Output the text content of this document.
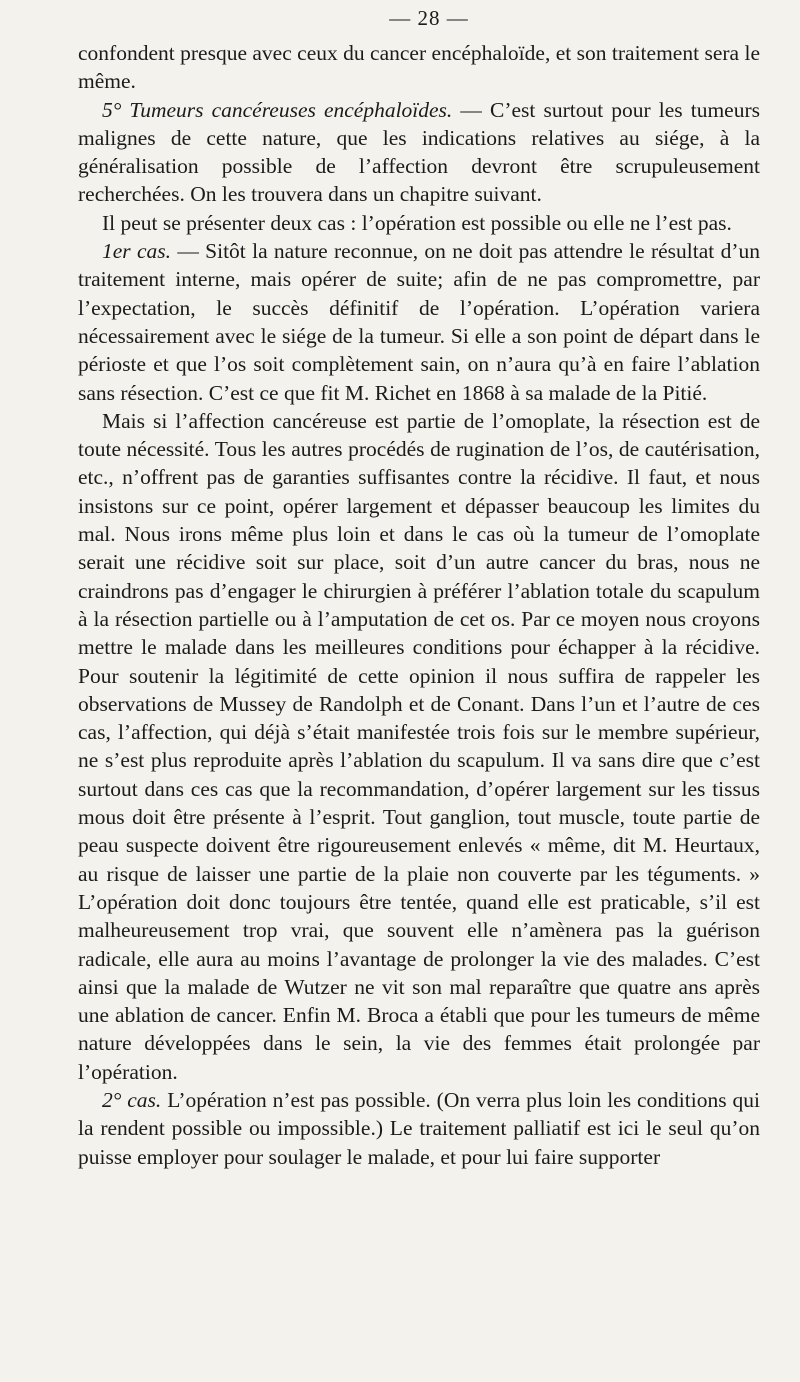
— 28 —

confondent presque avec ceux du cancer encéphaloïde, et son traitement sera le même.

5° Tumeurs cancéreuses encéphaloïdes. — C’est surtout pour les tumeurs malignes de cette nature, que les indications relatives au siége, à la généralisation possible de l’affection devront être scrupuleusement recherchées. On les trouvera dans un chapitre suivant.

Il peut se présenter deux cas : l’opération est possible ou elle ne l’est pas.

1er cas. — Sitôt la nature reconnue, on ne doit pas attendre le résultat d’un traitement interne, mais opérer de suite; afin de ne pas compromettre, par l’expectation, le succès définitif de l’opération. L’opération variera nécessairement avec le siége de la tumeur. Si elle a son point de départ dans le périoste et que l’os soit complètement sain, on n’aura qu’à en faire l’ablation sans résection. C’est ce que fit M. Richet en 1868 à sa malade de la Pitié.

Mais si l’affection cancéreuse est partie de l’omoplate, la résection est de toute nécessité. Tous les autres procédés de rugination de l’os, de cautérisation, etc., n’offrent pas de garanties suffisantes contre la récidive. Il faut, et nous insistons sur ce point, opérer largement et dépasser beaucoup les limites du mal. Nous irons même plus loin et dans le cas où la tumeur de l’omoplate serait une récidive soit sur place, soit d’un autre cancer du bras, nous ne craindrons pas d’engager le chirurgien à préférer l’ablation totale du scapulum à la résection partielle ou à l’amputation de cet os. Par ce moyen nous croyons mettre le malade dans les meilleures conditions pour échapper à la récidive. Pour soutenir la légitimité de cette opinion il nous suffira de rappeler les observations de Mussey de Randolph et de Conant. Dans l’un et l’autre de ces cas, l’affection, qui déjà s’était manifestée trois fois sur le membre supérieur, ne s’est plus reproduite après l’ablation du scapulum. Il va sans dire que c’est surtout dans ces cas que la recommandation, d’opérer largement sur les tissus mous doit être présente à l’esprit. Tout ganglion, tout muscle, toute partie de peau suspecte doivent être rigoureusement enlevés « même, dit M. Heurtaux, au risque de laisser une partie de la plaie non couverte par les téguments. » L’opération doit donc toujours être tentée, quand elle est praticable, s’il est malheureusement trop vrai, que souvent elle n’amènera pas la guérison radicale, elle aura au moins l’avantage de prolonger la vie des malades. C’est ainsi que la malade de Wutzer ne vit son mal reparaître que quatre ans après une ablation de cancer. Enfin M. Broca a établi que pour les tumeurs de même nature développées dans le sein, la vie des femmes était prolongée par l’opération.

2° cas. L’opération n’est pas possible. (On verra plus loin les conditions qui la rendent possible ou impossible.) Le traitement palliatif est ici le seul qu’on puisse employer pour soulager le malade, et pour lui faire supporter
